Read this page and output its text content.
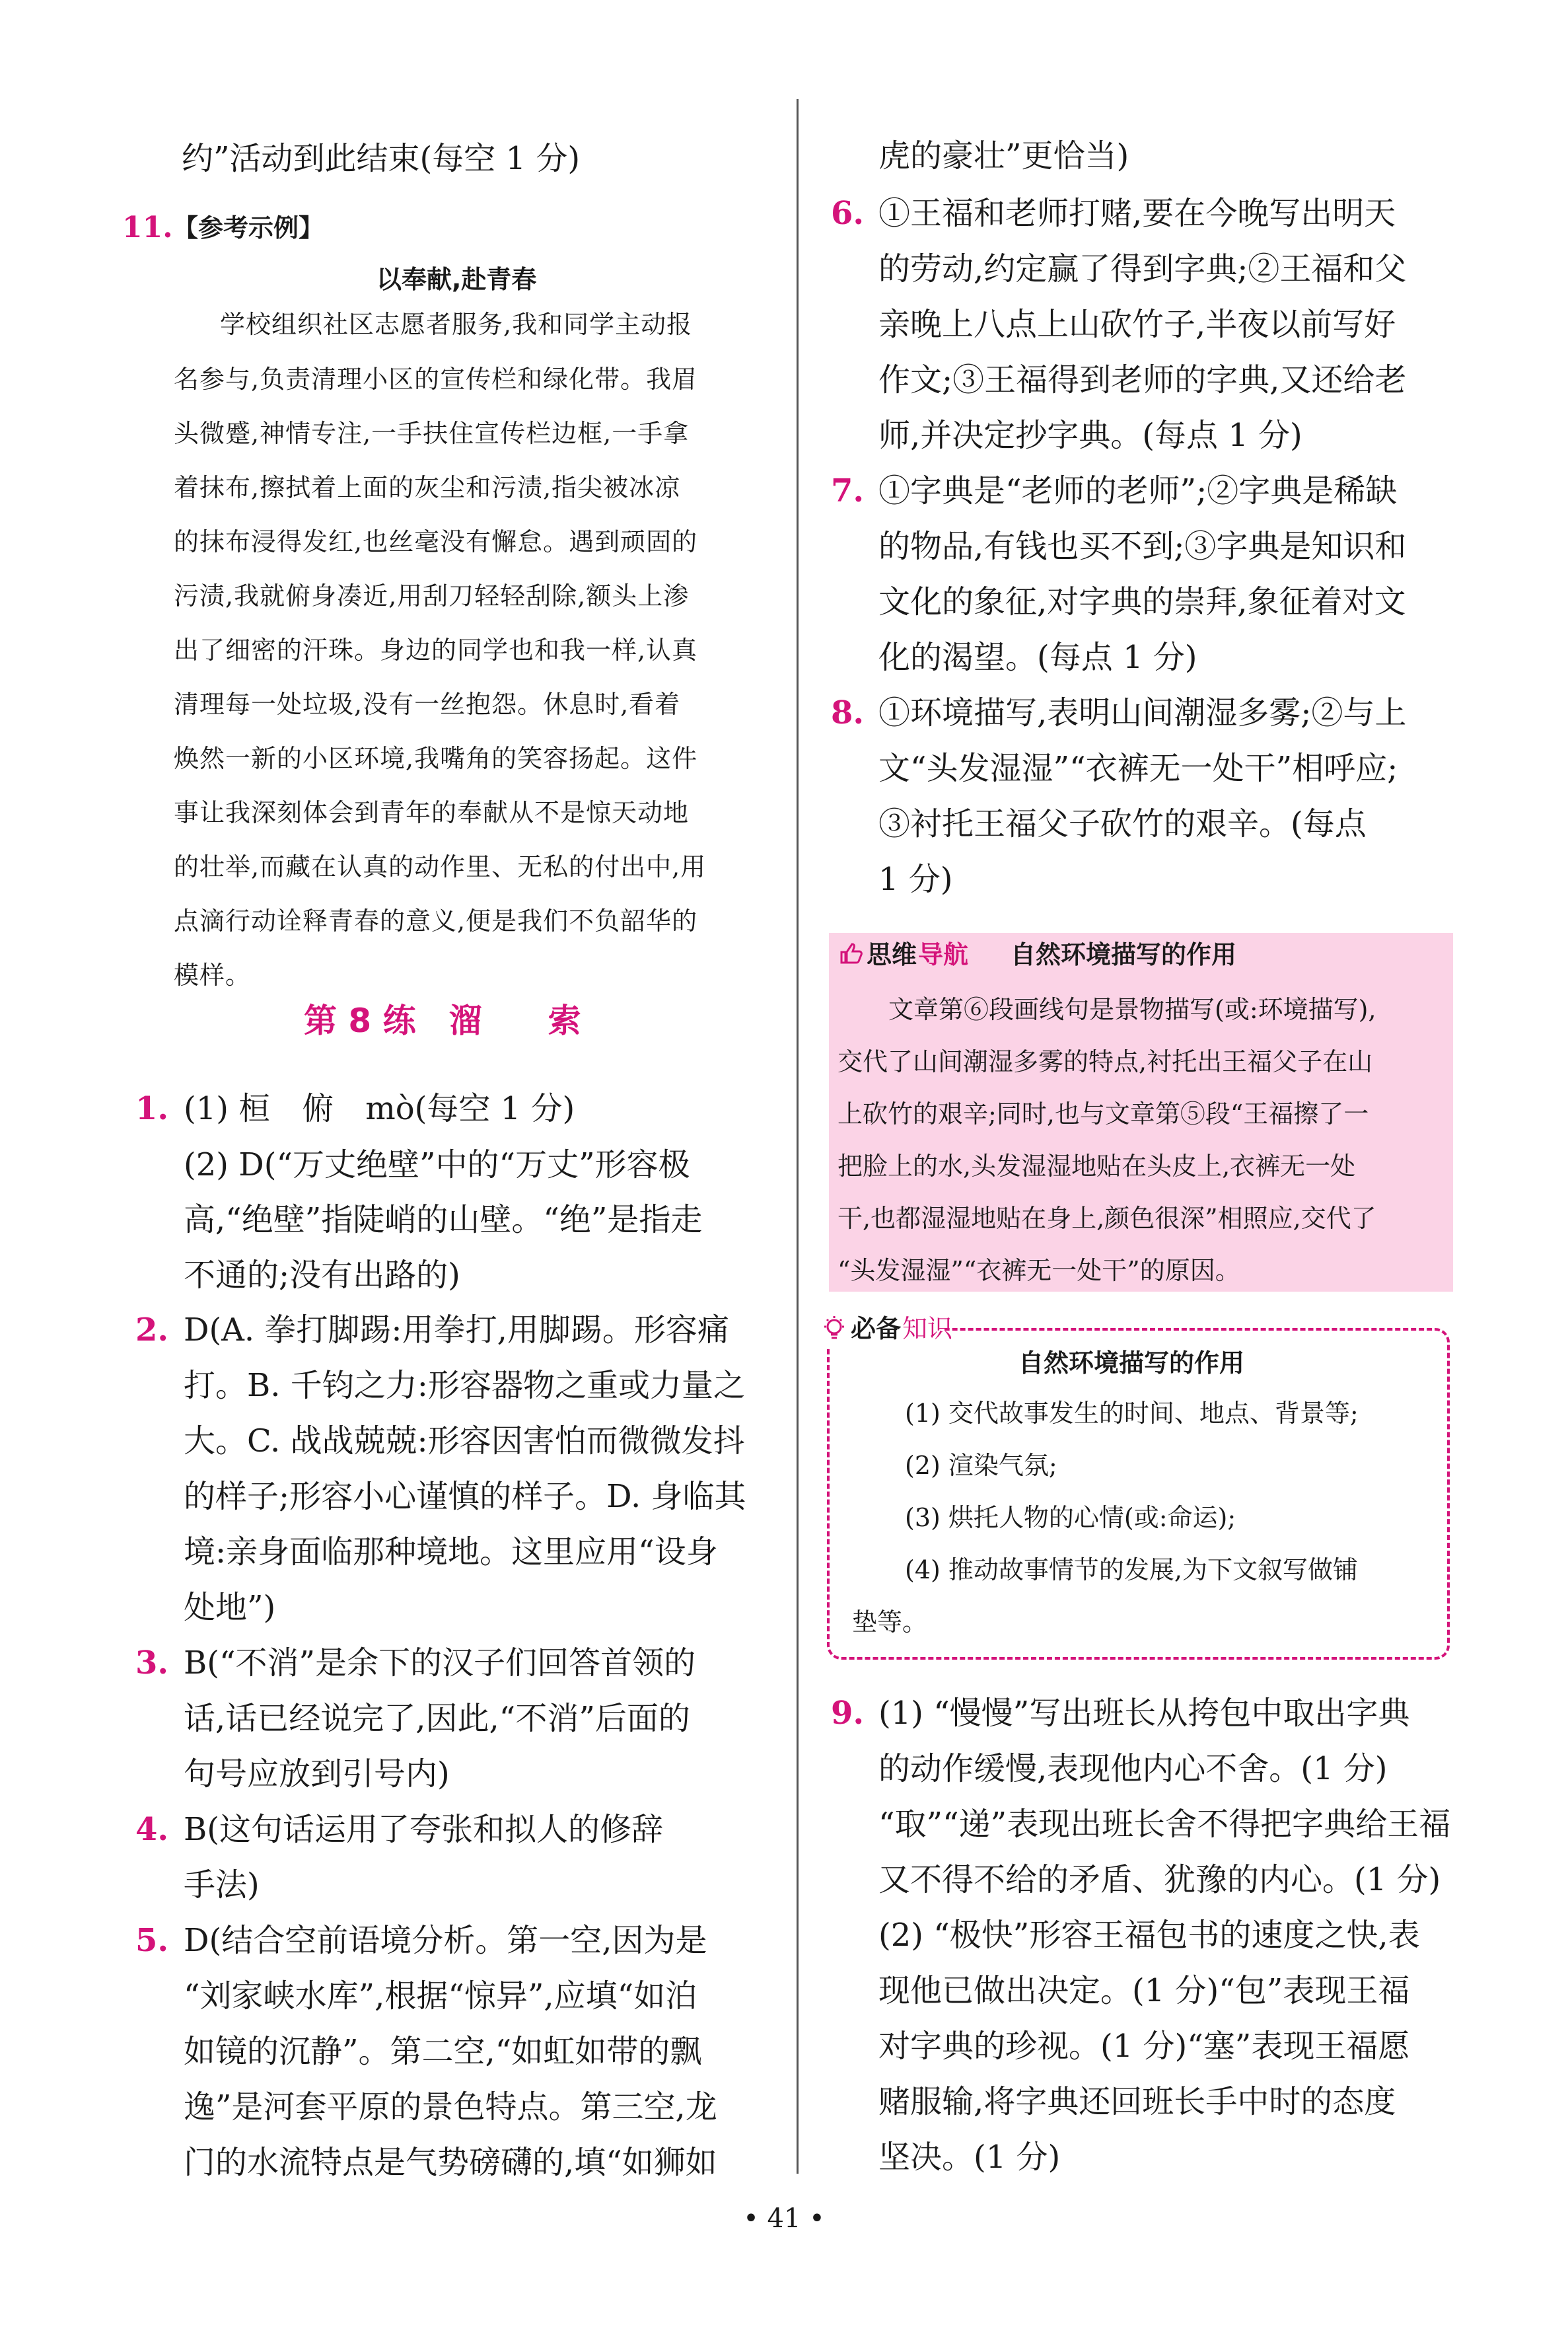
约”活动到此结束(每空 1 分)
11. 【参考示例】
以奉献,赴青春
学校组织社区志愿者服务,我和同学主动报
名参与,负责清理小区的宣传栏和绿化带。我眉
头微蹙,神情专注,一手扶住宣传栏边框,一手拿
着抹布,擦拭着上面的灰尘和污渍,指尖被冰凉
的抹布浸得发红,也丝毫没有懈怠。遇到顽固的
污渍,我就俯身凑近,用刮刀轻轻刮除,额头上渗
出了细密的汗珠。身边的同学也和我一样,认真
清理每一处垃圾,没有一丝抱怨。休息时,看着
焕然一新的小区环境,我嘴角的笑容扬起。这件
事让我深刻体会到青年的奉献从不是惊天动地
的壮举,而藏在认真的动作里、无私的付出中,用
点滴行动诠释青春的意义,便是我们不负韶华的
模样。
第 8 练　溜　　索
1. (1) 桓　俯　mò(每空 1 分)
(2) D(“万丈绝壁”中的“万丈”形容极
高,“绝壁”指陡峭的山壁。“绝”是指走
不通的;没有出路的)
2. D(A. 拳打脚踢:用拳打,用脚踢。形容痛
打。B. 千钧之力:形容器物之重或力量之
大。C. 战战兢兢:形容因害怕而微微发抖
的样子;形容小心谨慎的样子。D. 身临其
境:亲身面临那种境地。这里应用“设身
处地”)
3. B(“不消”是余下的汉子们回答首领的
话,话已经说完了,因此,“不消”后面的
句号应放到引号内)
4. B(这句话运用了夸张和拟人的修辞
手法)
5. D(结合空前语境分析。第一空,因为是
“刘家峡水库”,根据“惊异”,应填“如泊
如镜的沉静”。第二空,“如虹如带的飘
逸”是河套平原的景色特点。第三空,龙
门的水流特点是气势磅礴的,填“如狮如
虎的豪壮”更恰当)
6. ①王福和老师打赌,要在今晚写出明天
的劳动,约定赢了得到字典;②王福和父
亲晚上八点上山砍竹子,半夜以前写好
作文;③王福得到老师的字典,又还给老
师,并决定抄字典。(每点 1 分)
7. ①字典是“老师的老师”;②字典是稀缺
的物品,有钱也买不到;③字典是知识和
文化的象征,对字典的崇拜,象征着对文
化的渴望。(每点 1 分)
8. ①环境描写,表明山间潮湿多雾;②与上
文“头发湿湿”“衣裤无一处干”相呼应;
③衬托王福父子砍竹的艰辛。(每点
1 分)
思维 导航 自然环境描写的作用
文章第⑥段画线句是景物描写(或:环境描写),
交代了山间潮湿多雾的特点,衬托出王福父子在山
上砍竹的艰辛;同时,也与文章第⑤段“王福擦了一
把脸上的水,头发湿湿地贴在头皮上,衣裤无一处
干,也都湿湿地贴在身上,颜色很深”相照应,交代了
“头发湿湿”“衣裤无一处干”的原因。
必备 知识
自然环境描写的作用
(1) 交代故事发生的时间、地点、背景等;
(2) 渲染气氛;
(3) 烘托人物的心情(或:命运);
(4) 推动故事情节的发展,为下文叙写做铺
垫等。
9. (1) “慢慢”写出班长从挎包中取出字典
的动作缓慢,表现他内心不舍。(1 分)
“取”“递”表现出班长舍不得把字典给王福
又不得不给的矛盾、犹豫的内心。(1 分)
(2) “极快”形容王福包书的速度之快,表
现他已做出决定。(1 分)“包”表现王福
对字典的珍视。(1 分)“塞”表现王福愿
赌服输,将字典还回班长手中时的态度
坚决。(1 分)
• 41 •
